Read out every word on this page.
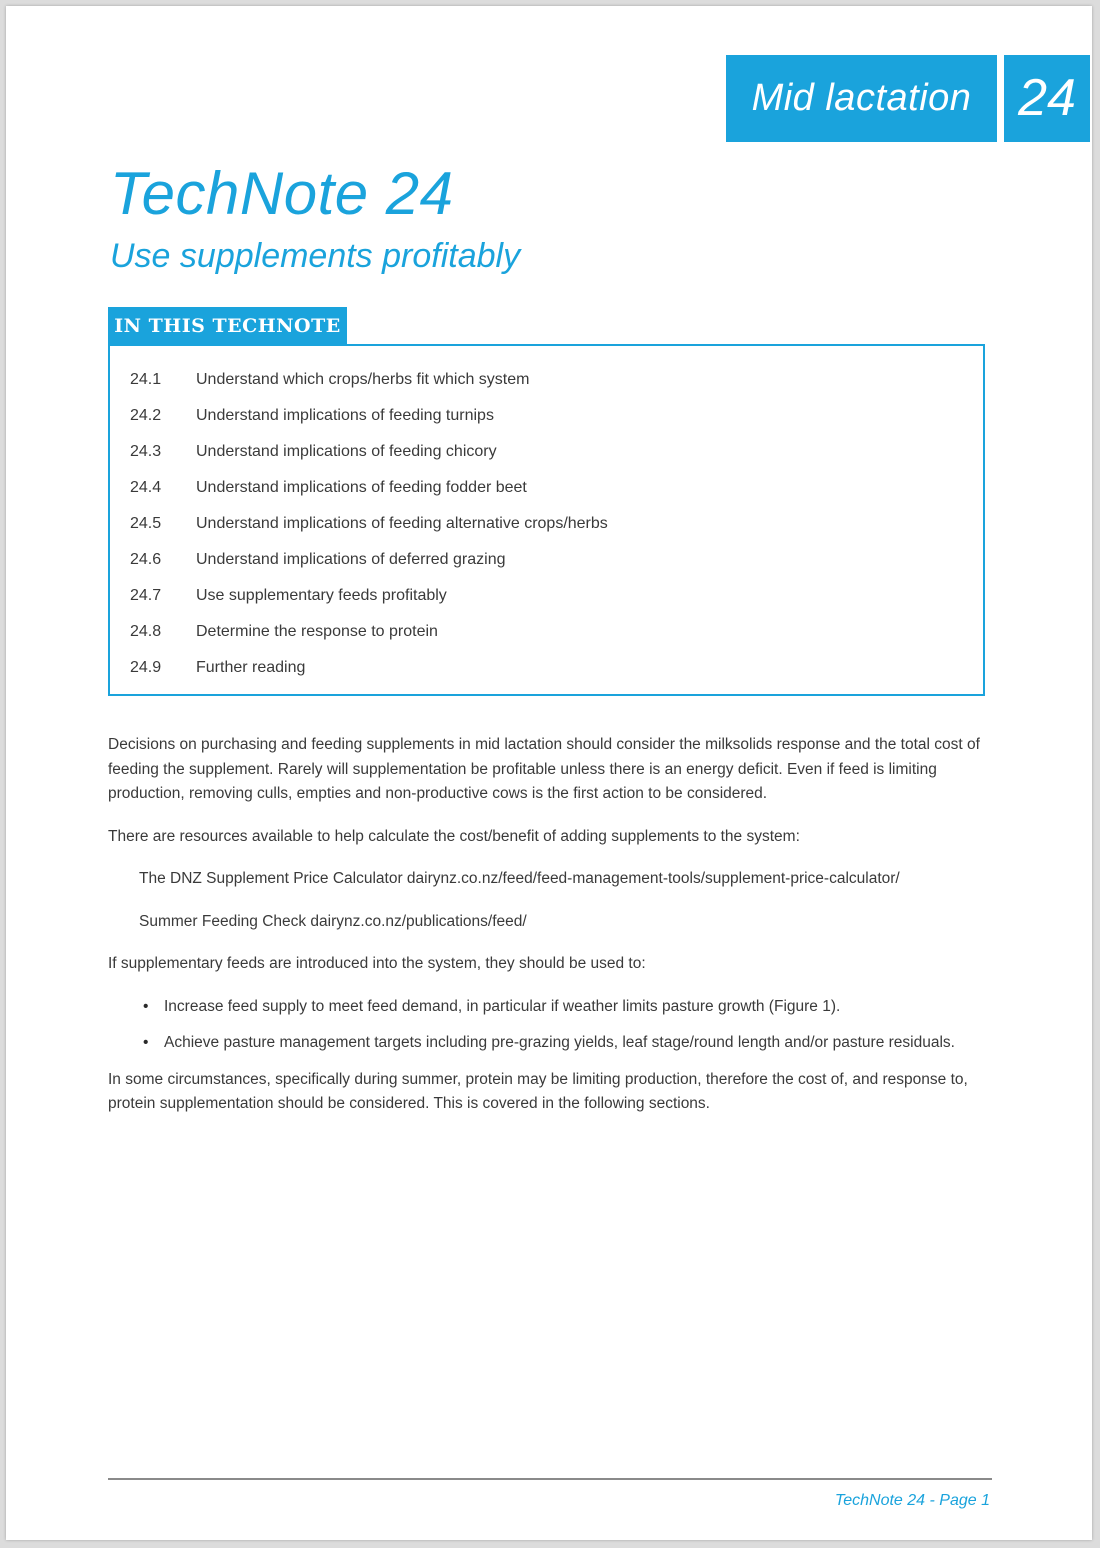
Mid lactation 24
TechNote 24
Use supplements profitably
IN THIS TECHNOTE
24.1	Understand which crops/herbs fit which system
24.2	Understand implications of feeding turnips
24.3	Understand implications of feeding chicory
24.4	Understand implications of feeding fodder beet
24.5	Understand implications of feeding alternative crops/herbs
24.6	Understand implications of deferred grazing
24.7	Use supplementary feeds profitably
24.8	Determine the response to protein
24.9	Further reading

Decisions on purchasing and feeding supplements in mid lactation should consider the milksolids response and the total cost of feeding the supplement. Rarely will supplementation be profitable unless there is an energy deficit. Even if feed is limiting production, removing culls, empties and non-productive cows is the first action to be considered.

There are resources available to help calculate the cost/benefit of adding supplements to the system:

The DNZ Supplement Price Calculator dairynz.co.nz/feed/feed-management-tools/supplement-price-calculator/

Summer Feeding Check dairynz.co.nz/publications/feed/

If supplementary feeds are introduced into the system, they should be used to:

• Increase feed supply to meet feed demand, in particular if weather limits pasture growth (Figure 1).
• Achieve pasture management targets including pre-grazing yields, leaf stage/round length and/or pasture residuals.

In some circumstances, specifically during summer, protein may be limiting production, therefore the cost of, and response to, protein supplementation should be considered. This is covered in the following sections.

TechNote 24 - Page 1
